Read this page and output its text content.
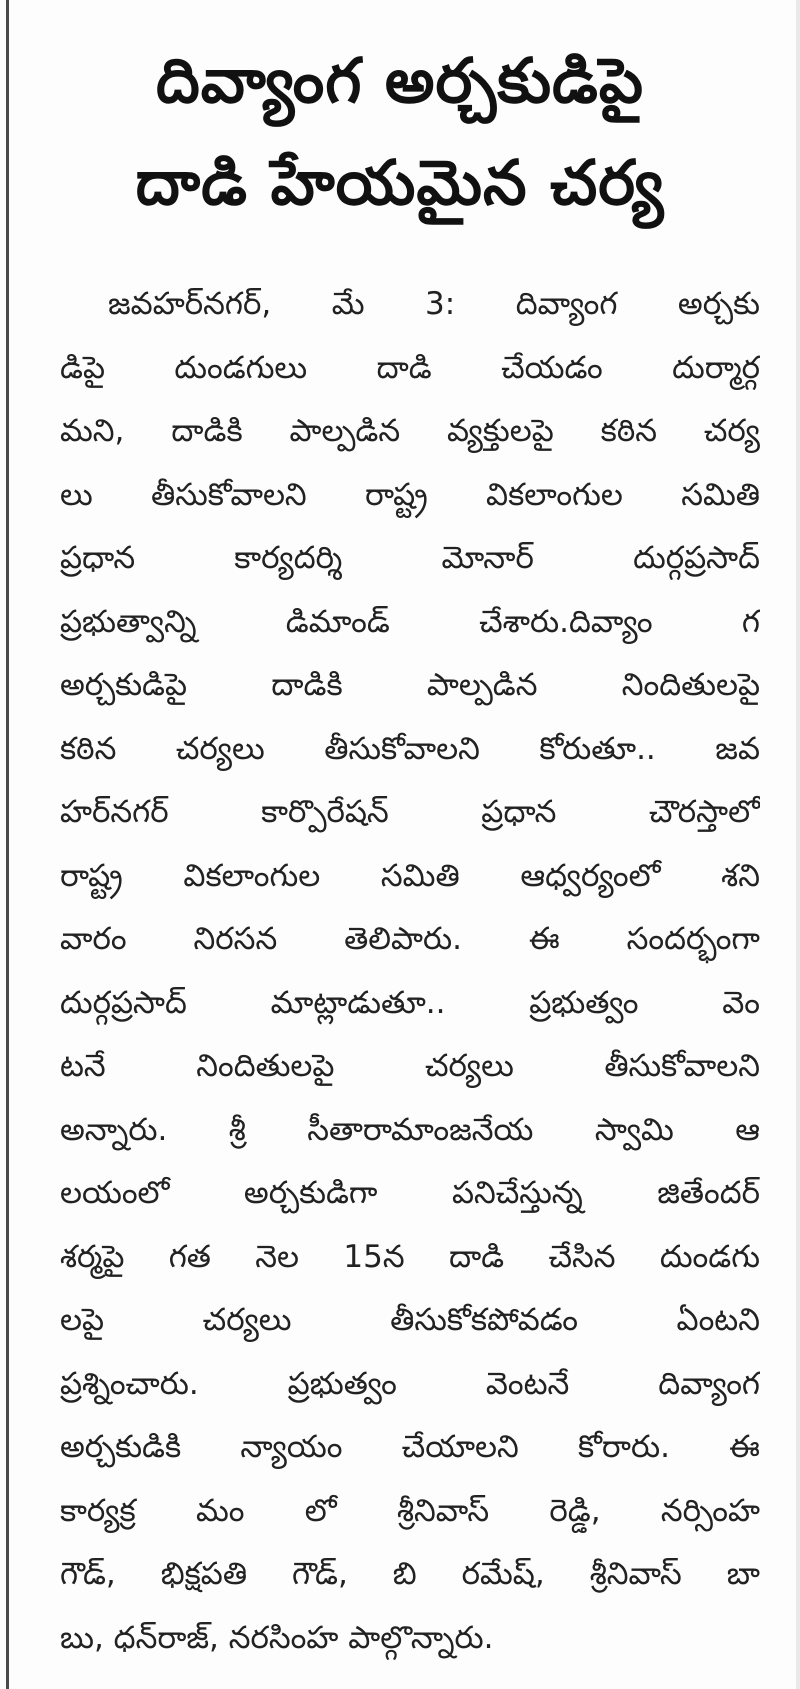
దివ్యాంగ అర్చకుడిపై
దాడి హేయమైన చర్య
జవహర్‌నగర్, మే 3: దివ్యాంగ అర్చకు
డిపై దుండగులు దాడి చేయడం దుర్మార్గ
మని, దాడికి పాల్పడిన వ్యక్తులపై కఠిన చర్య
లు తీసుకోవాలని రాష్ట్ర వికలాంగుల సమితి
ప్రధాన కార్యదర్శి మోనార్ దుర్గప్రసాద్
ప్రభుత్వాన్ని డిమాండ్ చేశారు.దివ్యాం గ
అర్చకుడిపై దాడికి పాల్పడిన నిందితులపై
కఠిన చర్యలు తీసుకోవాలని కోరుతూ.. జవ
హర్‌నగర్ కార్పొరేషన్ ప్రధాన చౌరస్తాలో
రాష్ట్ర వికలాంగుల సమితి ఆధ్వర్యంలో శని
వారం నిరసన తెలిపారు. ఈ సందర్భంగా
దుర్గప్రసాద్ మాట్లాడుతూ.. ప్రభుత్వం వెం
టనే నిందితులపై చర్యలు తీసుకోవాలని
అన్నారు. శ్రీ సీతారామాంజనేయ స్వామి ఆ
లయంలో అర్చకుడిగా పనిచేస్తున్న జితేందర్
శర్మపై గత నెల 15న దాడి చేసిన దుండగు
లపై చర్యలు తీసుకోకపోవడం ఏంటని
ప్రశ్నించారు. ప్రభుత్వం వెంటనే దివ్యాంగ
అర్చకుడికి న్యాయం చేయాలని కోరారు. ఈ
కార్యక్ర మం లో శ్రీనివాస్ రెడ్డి, నర్సింహ
గౌడ్, భిక్షపతి గౌడ్, బి రమేష్, శ్రీనివాస్ బా
బు, ధన్‌రాజ్, నరసింహ పాల్గొన్నారు.
